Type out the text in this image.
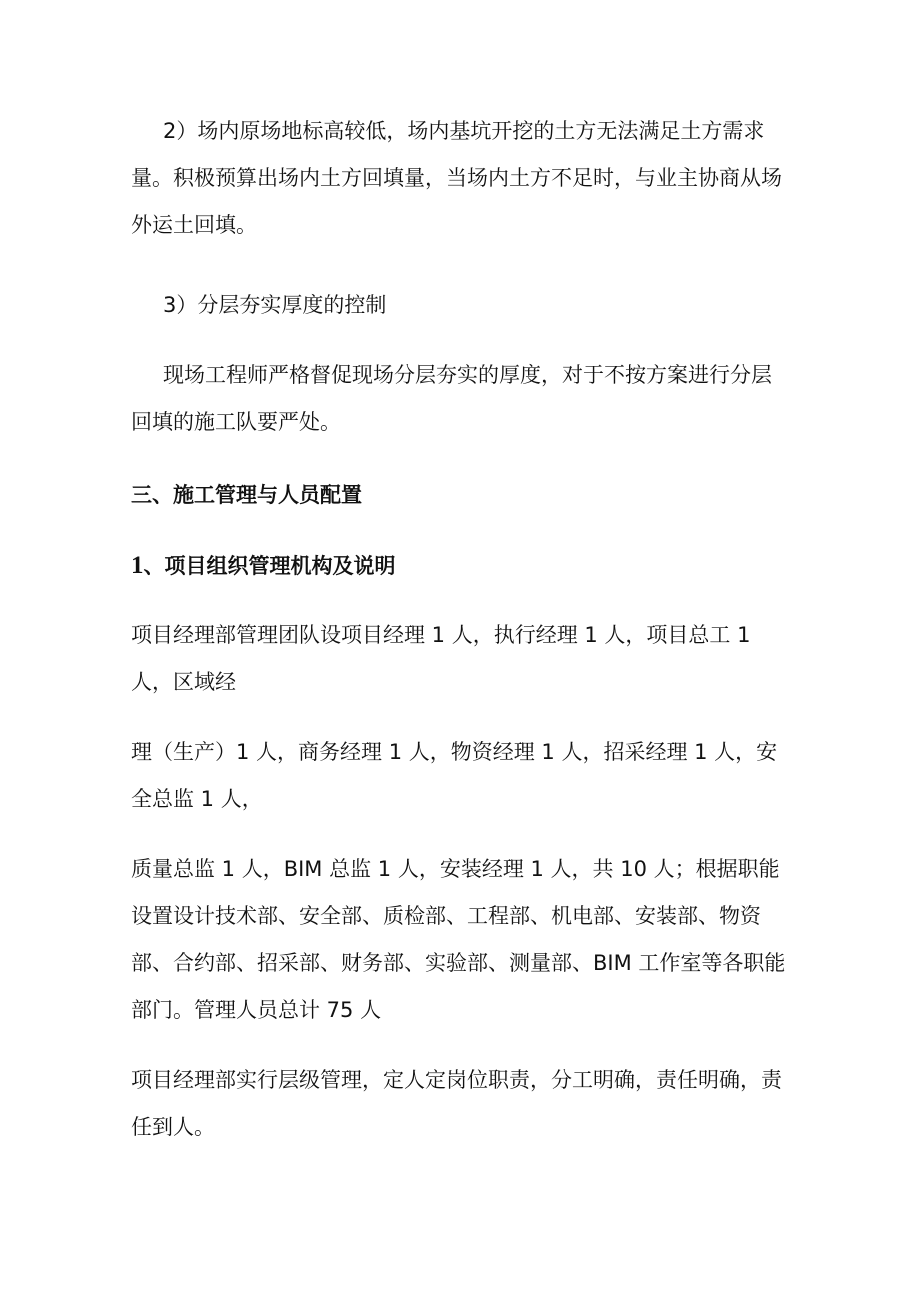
2）场内原场地标高较低，场内基坑开挖的土方无法满足土方需求量。积极预算出场内土方回填量，当场内土方不足时，与业主协商从场外运土回填。

3）分层夯实厚度的控制

现场工程师严格督促现场分层夯实的厚度，对于不按方案进行分层回填的施工队要严处。

三、施工管理与人员配置

1、项目组织管理机构及说明

项目经理部管理团队设项目经理 1 人，执行经理 1 人，项目总工 1 人，区域经

理（生产）1 人，商务经理 1 人，物资经理 1 人，招采经理 1 人，安全总监 1 人，

质量总监 1 人，BIM 总监 1 人，安装经理 1 人，共 10 人；根据职能设置设计技术部、安全部、质检部、工程部、机电部、安装部、物资部、合约部、招采部、财务部、实验部、测量部、BIM 工作室等各职能部门。管理人员总计 75 人

项目经理部实行层级管理，定人定岗位职责，分工明确，责任明确，责任到人。
